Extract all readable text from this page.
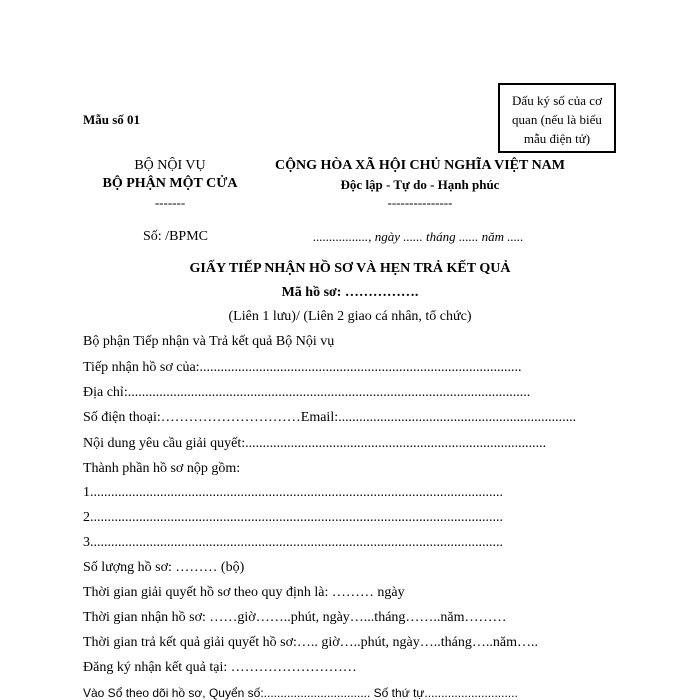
Dấu ký số của cơ
quan (nếu là biểu
mẫu điện tử)
Mẫu số 01
BỘ NỘI VỤ
BỘ PHẬN MỘT CỬA
-------
Số: /BPMC
CỘNG HÒA XÃ HỘI CHỦ NGHĨA VIỆT NAM
Độc lập - Tự do - Hạnh phúc
---------------
................., ngày ...... tháng ...... năm .....
GIẤY TIẾP NHẬN HỒ SƠ VÀ HẸN TRẢ KẾT QUẢ
Mã hồ sơ: …………….
(Liên 1 lưu)/ (Liên 2 giao cá nhân, tổ chức)
Bộ phận Tiếp nhận và Trả kết quả Bộ Nội vụ
Tiếp nhận hồ sơ của:............................................................................................
Địa chỉ:...................................................................................................................
Số điện thoại:…………………………Email:....................................................................
Nội dung yêu cầu giải quyết:......................................................................................
Thành phần hồ sơ nộp gồm:
1......................................................................................................................
2......................................................................................................................
3......................................................................................................................
Số lượng hồ sơ: ……… (bộ)
Thời gian giải quyết hồ sơ theo quy định là: ……… ngày
Thời gian nhận hồ sơ: ……giờ……..phút, ngày…...tháng……..năm………
Thời gian trả kết quả giải quyết hồ sơ:….. giờ…..phút, ngày…..tháng…..năm…..
Đăng ký nhận kết quả tại: ………………………
Vào Sổ theo dõi hồ sơ, Quyển số:................................ Số thứ tự............................
